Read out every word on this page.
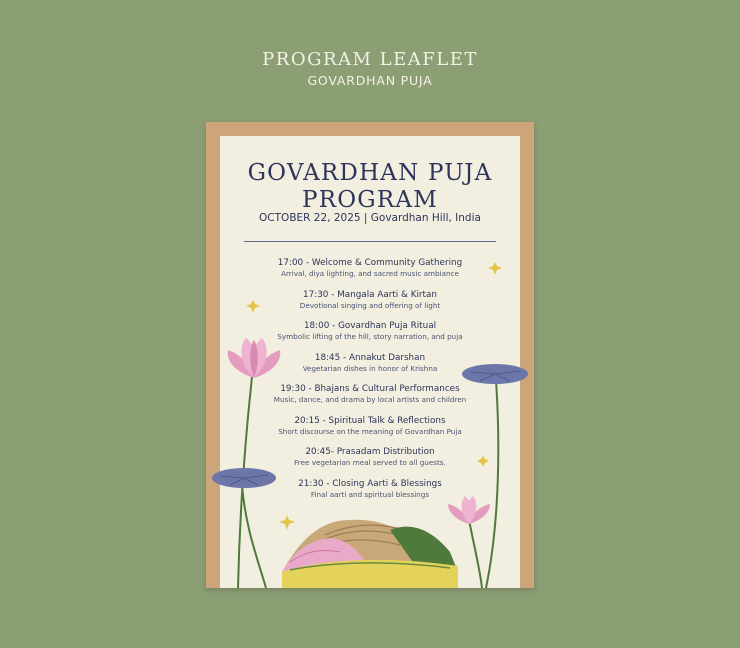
PROGRAM LEAFLET
GOVARDHAN PUJA
GOVARDHAN PUJA
PROGRAM
OCTOBER 22, 2025 | Govardhan Hill, India
17:00 - Welcome & Community Gathering
Arrival, diya lighting, and sacred music ambiance
17:30 - Mangala Aarti & Kirtan
Devotional singing and offering of light
18:00 - Govardhan Puja Ritual
Symbolic lifting of the hill, story narration, and puja
18:45 - Annakut Darshan
Vegetarian dishes in honor of Krishna
19:30 - Bhajans & Cultural Performances
Music, dance, and drama by local artists and children
20:15 - Spiritual Talk & Reflections
Short discourse on the meaning of Govardhan Puja
20:45- Prasadam Distribution
Free vegetarian meal served to all guests.
21:30 - Closing Aarti & Blessings
Final aarti and spiritual blessings
